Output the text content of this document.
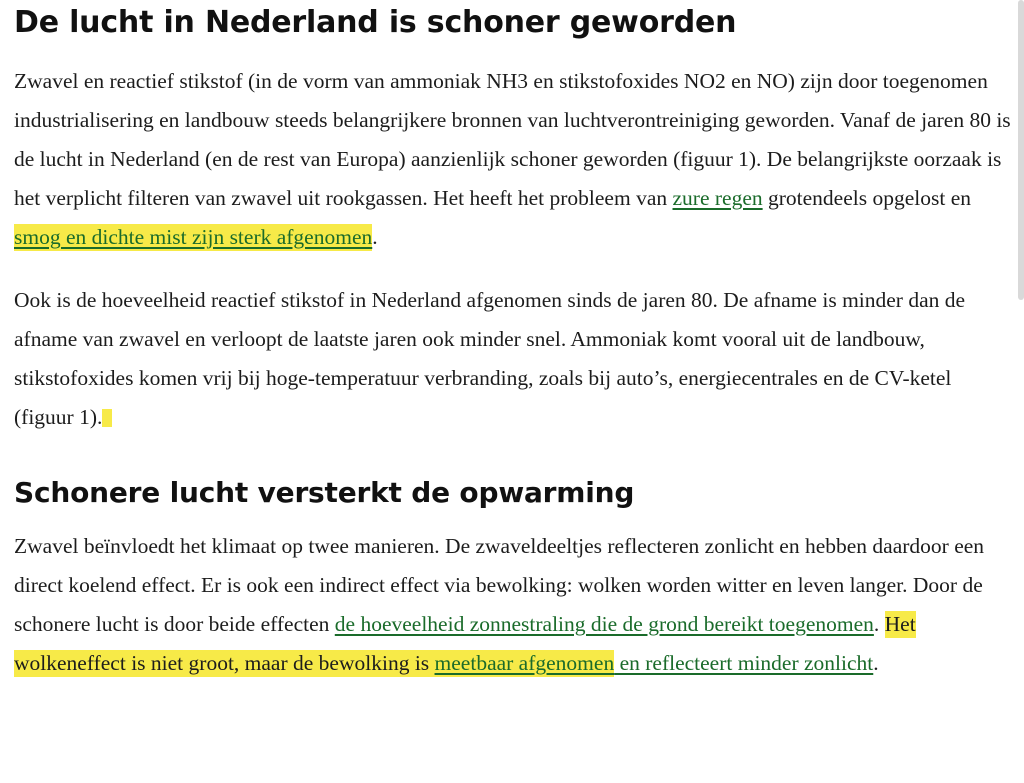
De lucht in Nederland is schoner geworden

Zwavel en reactief stikstof (in de vorm van ammoniak NH3 en stikstofoxides NO2 en NO) zijn door toegenomen industrialisering en landbouw steeds belangrijkere bronnen van luchtverontreiniging geworden. Vanaf de jaren 80 is de lucht in Nederland (en de rest van Europa) aanzienlijk schoner geworden (figuur 1). De belangrijkste oorzaak is het verplicht filteren van zwavel uit rookgassen. Het heeft het probleem van zure regen grotendeels opgelost en smog en dichte mist zijn sterk afgenomen.

Ook is de hoeveelheid reactief stikstof in Nederland afgenomen sinds de jaren 80. De afname is minder dan de afname van zwavel en verloopt de laatste jaren ook minder snel. Ammoniak komt vooral uit de landbouw, stikstofoxides komen vrij bij hoge-temperatuur verbranding, zoals bij auto’s, energiecentrales en de CV-ketel (figuur 1).

Schonere lucht versterkt de opwarming

Zwavel beïnvloedt het klimaat op twee manieren. De zwaveldeeltjes reflecteren zonlicht en hebben daardoor een direct koelend effect. Er is ook een indirect effect via bewolking: wolken worden witter en leven langer. Door de schonere lucht is door beide effecten de hoeveelheid zonnestraling die de grond bereikt toegenomen. Het wolkeneffect is niet groot, maar de bewolking is meetbaar afgenomen en reflecteert minder zonlicht.
